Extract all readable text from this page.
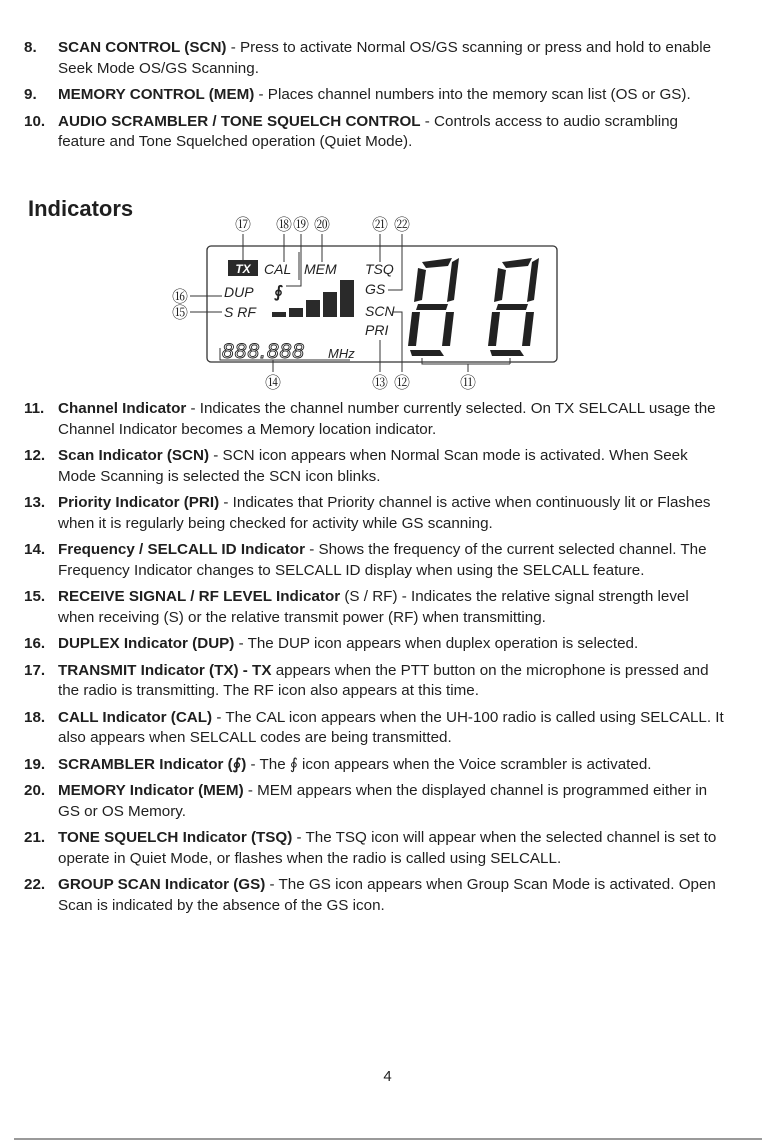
8. SCAN CONTROL (SCN) - Press to activate Normal OS/GS scanning or press and hold to enable Seek Mode OS/GS Scanning.
9. MEMORY CONTROL (MEM) - Places channel numbers into the memory scan list (OS or GS).
10. AUDIO SCRAMBLER / TONE SQUELCH CONTROL - Controls access to audio scrambling feature and Tone Squelched operation (Quiet Mode).
Indicators
TX CAL MEM TSQ
DUP
S RF
∮	GS
SCN
PRI
888.888 MHz
⑰ ⑱ ⑲ ⑳	㉑ ㉒
⑯
⑮
⑭	⑬ ⑫	⑪
11. Channel Indicator - Indicates the channel number currently selected. On TX SELCALL usage the Channel Indicator becomes a Memory location indicator.
12. Scan Indicator (SCN) - SCN icon appears when Normal Scan mode is activated. When Seek Mode Scanning is selected the SCN icon blinks.
13. Priority Indicator (PRI) - Indicates that Priority channel is active when continuously lit or Flashes when it is regularly being checked for activity while GS scanning.
14. Frequency / SELCALL ID Indicator - Shows the frequency of the current selected channel. The Frequency Indicator changes to SELCALL ID display when using the SELCALL feature.
15. RECEIVE SIGNAL / RF LEVEL Indicator (S / RF) - Indicates the relative signal strength level when receiving (S) or the relative transmit power (RF) when transmitting.
16. DUPLEX Indicator (DUP) - The DUP icon appears when duplex operation is selected.
17. TRANSMIT Indicator (TX) - TX appears when the PTT button on the microphone is pressed and the radio is transmitting. The RF icon also appears at this time.
18. CALL Indicator (CAL) - The CAL icon appears when the UH-100 radio is called using SELCALL. It also appears when SELCALL codes are being transmitted.
19. SCRAMBLER Indicator (∮) - The ∮ icon appears when the Voice scrambler is activated.
20. MEMORY Indicator (MEM) - MEM appears when the displayed channel is programmed either in GS or OS Memory.
21. TONE SQUELCH Indicator (TSQ) - The TSQ icon will appear when the selected channel is set to operate in Quiet Mode, or flashes when the radio is called using SELCALL.
22. GROUP SCAN Indicator (GS) - The GS icon appears when Group Scan Mode is activated. Open Scan is indicated by the absence of the GS icon.
4
